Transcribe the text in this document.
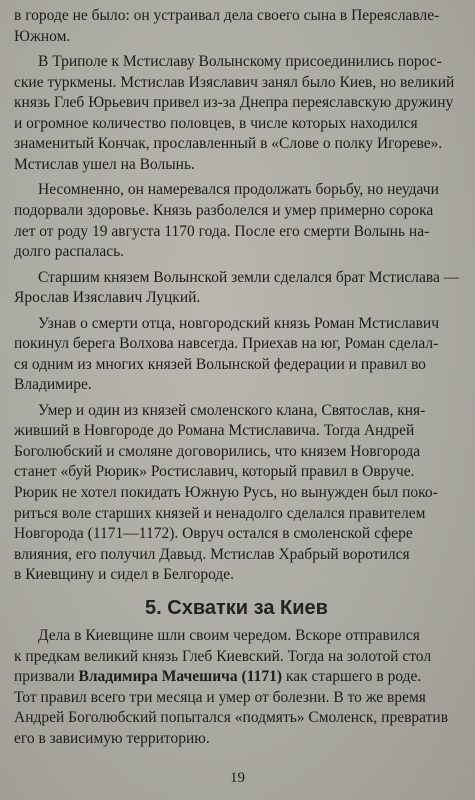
в городе не было: он устраивал дела своего сына в Переяславле-
Южном.
В Триполе к Мстиславу Волынскому присоединились порос-
ские туркмены. Мстислав Изяславич занял было Киев, но великий
князь Глеб Юрьевич привел из-за Днепра переяславскую дружину
и огромное количество половцев, в числе которых находился
знаменитый Кончак, прославленный в «Слове о полку Игореве».
Мстислав ушел на Волынь.
Несомненно, он намеревался продолжать борьбу, но неудачи
подорвали здоровье. Князь разболелся и умер примерно сорока
лет от роду 19 августа 1170 года. После его смерти Волынь на-
долго распалась.
Старшим князем Волынской земли сделался брат Мстислава —
Ярослав Изяславич Луцкий.
Узнав о смерти отца, новгородский князь Роман Мстиславич
покинул берега Волхова навсегда. Приехав на юг, Роман сделал-
ся одним из многих князей Волынской федерации и правил во
Владимире.
Умер и один из князей смоленского клана, Святослав, кня-
живший в Новгороде до Романа Мстиславича. Тогда Андрей
Боголюбский и смоляне договорились, что князем Новгорода
станет «буй Рюрик» Ростиславич, который правил в Овруче.
Рюрик не хотел покидать Южную Русь, но вынужден был поко-
риться воле старших князей и ненадолго сделался правителем
Новгорода (1171—1172). Овруч остался в смоленской сфере
влияния, его получил Давыд. Мстислав Храбрый воротился
в Киевщину и сидел в Белгороде.
5. Схватки за Киев
Дела в Киевщине шли своим чередом. Вскоре отправился
к предкам великий князь Глеб Киевский. Тогда на золотой стол
призвали Владимира Мачешича (1171) как старшего в роде.
Тот правил всего три месяца и умер от болезни. В то же время
Андрей Боголюбский попытался «подмять» Смоленск, превратив
его в зависимую территорию.
19
